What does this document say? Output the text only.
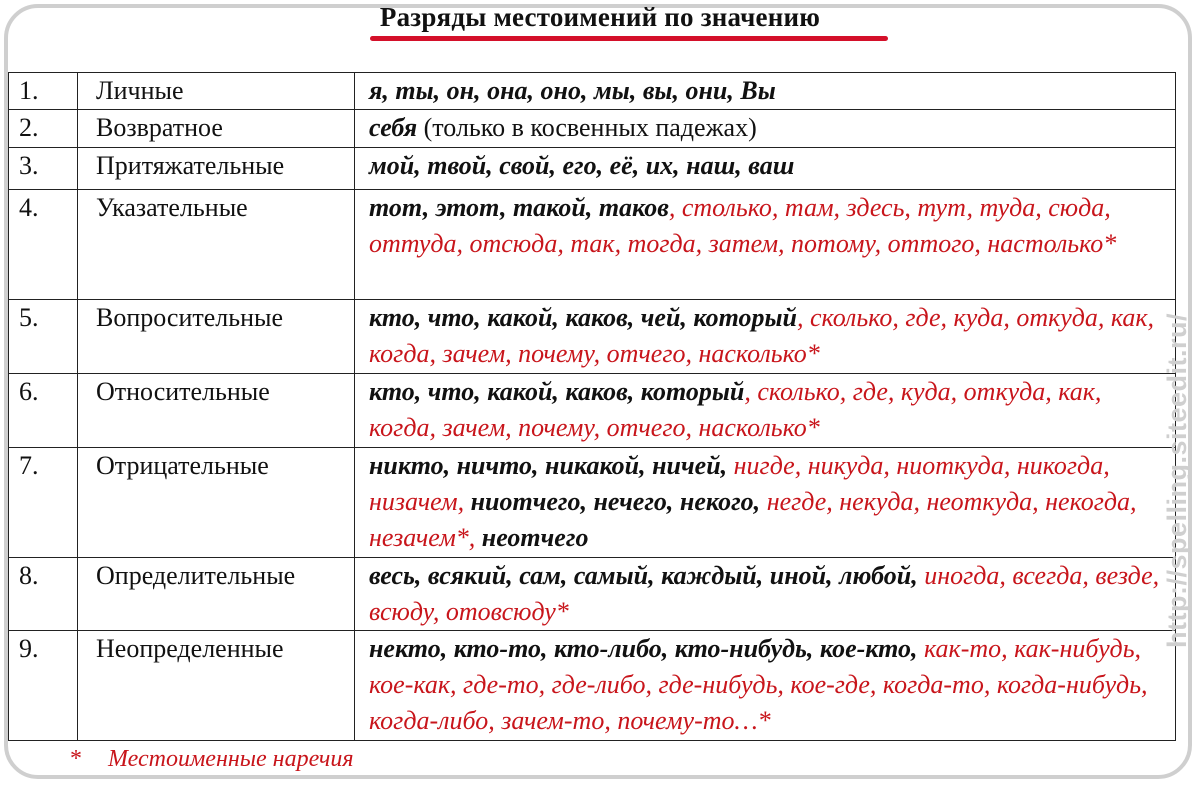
Разряды местоимений по значению
1.	Личные	я, ты, он, она, оно, мы, вы, они, Вы
2.	Возвратное	себя (только в косвенных падежах)
3.	Притяжательные	мой, твой, свой, его, её, их, наш, ваш
4.	Указательные	тот, этот, такой, таков, столько, там, здесь, тут, туда, сюда, оттуда, отсюда, так, тогда, затем, потому, оттого, настолько*
5.	Вопросительные	кто, что, какой, каков, чей, который, сколько, где, куда, откуда, как, когда, зачем, почему, отчего, насколько*
6.	Относительные	кто, что, какой, каков, который, сколько, где, куда, откуда, как, когда, зачем, почему, отчего, насколько*
7.	Отрицательные	никто, ничто, никакой, ничей, нигде, никуда, ниоткуда, никогда, низачем, ниотчего, нечего, некого, негде, некуда, неоткуда, некогда, незачем*, неотчего
8.	Определительные	весь, всякий, сам, самый, каждый, иной, любой, иногда, всегда, везде, всюду, отовсюду*
9.	Неопределенные	некто, кто-то, кто-либо, кто-нибудь, кое-кто, как-то, как-нибудь, кое-как, где-то, где-либо, где-нибудь, кое-где, когда-то, когда-нибудь, когда-либо, зачем-то, почему-то…*
* Местоименные наречия
http://spelling.siteedit.ru/
